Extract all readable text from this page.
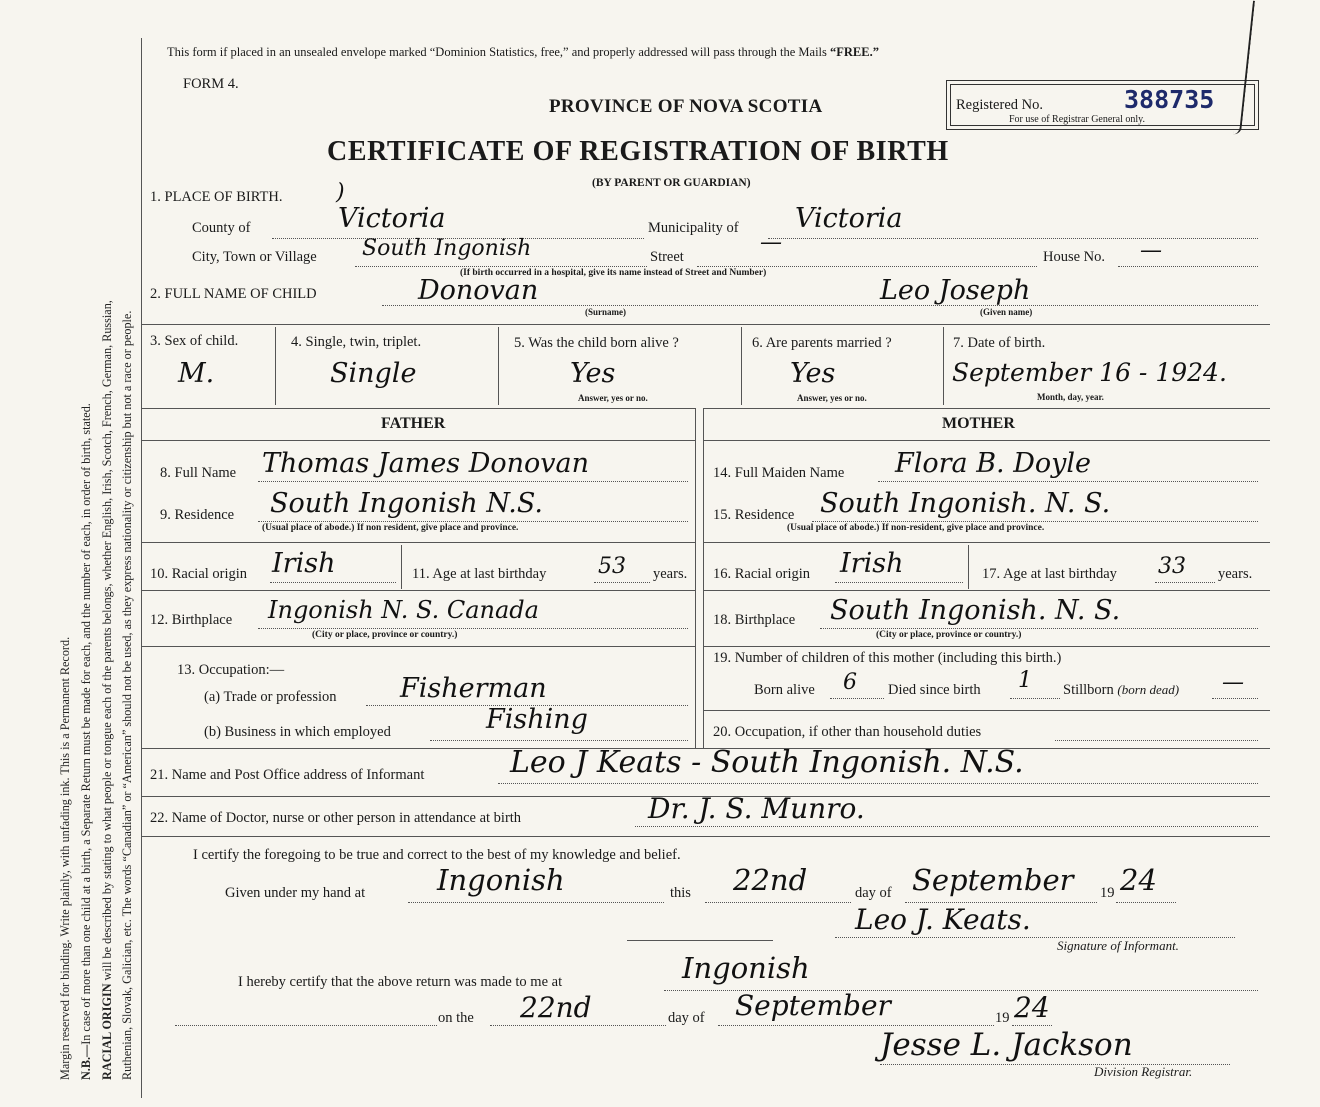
Margin reserved for binding. Write plainly, with unfading ink. This is a Permanent Record. N.B.—In case of more than one child at a birth, a Separate Return must be made for each, and the number of each, in order of birth, stated. RACIAL ORIGIN will be described by stating to what people or tongue each of the parents belongs, whether English, Irish, Scotch, French, German, Russian, Ruthenian, Slovak, Galician, etc. The words “Canadian” or “American” should not be used, as they express nationality or citizenship but not a race or people.
This form if placed in an unsealed envelope marked “Dominion Statistics, free,” and properly addressed will pass through the Mails “FREE.”
FORM 4.
PROVINCE OF NOVA SCOTIA	Registered No.	388735
For use of Registrar General only.
CERTIFICATE OF REGISTRATION OF BIRTH
(BY PARENT OR GUARDIAN)
1. PLACE OF BIRTH. )
County of	Victoria	Municipality of Victoria
City, Town or Village South Ingonish	Street
—
House No. —
(If birth occurred in a hospital, give its name instead of Street and Number)
2. FULL NAME OF CHILD	Donovan
(Surname)
Leo Joseph
(Given name)
3. Sex of child.
M.
4. Single, twin, triplet.
Single
5. Was the child born alive ?
Yes
Answer, yes or no.
6. Are parents married ?
Yes
Answer, yes or no.
7. Date of birth.
September 16 - 1924.
Month, day, year.
FATHER	MOTHER
8. Full Name Thomas James Donovan
9. Residence South Ingonish N.S.
(Usual place of abode.) If non resident, give place and province.
10. Racial origin Irish	11. Age at last birthday 53 years.
12. Birthplace Ingonish N. S. Canada
(City or place, province or country.)
13. Occupation:—
(a) Trade or profession Fisherman
(b) Business in which employed	Fishing
14. Full Maiden Name Flora B. Doyle
15. Residence South Ingonish. N. S.
(Usual place of abode.) If non-resident, give place and province.
16. Racial origin Irish	17. Age at last birthday 33 years.
18. Birthplace South Ingonish. N. S.
(City or place, province or country.)
19. Number of children of this mother (including this birth.)
Born alive 6 Died since birth 1 Stillborn (born dead) —
20. Occupation, if other than household duties
21. Name and Post Office address of Informant	Leo J Keats - South Ingonish. N.S.
22. Name of Doctor, nurse or other person in attendance at birth	Dr. J. S. Munro.
I certify the foregoing to be true and correct to the best of my knowledge and belief.
Given under my hand at Ingonish	this 22nd	day of September 19 24
Leo J. Keats.
Signature of Informant.
I hereby certify that the above return was made to me at	Ingonish
on the 22nd	day of September	19 24
Jesse L. Jackson
Division Registrar.
